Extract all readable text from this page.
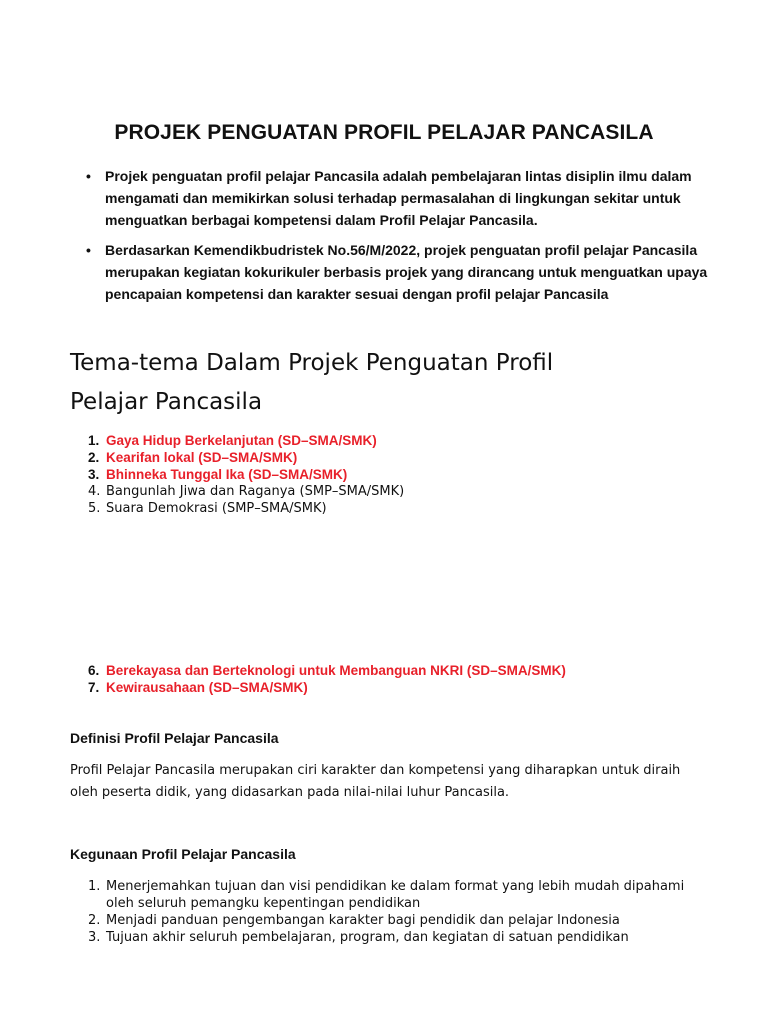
PROJEK PENGUATAN PROFIL PELAJAR PANCASILA
• Projek penguatan profil pelajar Pancasila adalah pembelajaran lintas disiplin ilmu dalam mengamati dan memikirkan solusi terhadap permasalahan di lingkungan sekitar untuk menguatkan berbagai kompetensi dalam Profil Pelajar Pancasila.
• Berdasarkan Kemendikbudristek No.56/M/2022, projek penguatan profil pelajar Pancasila merupakan kegiatan kokurikuler berbasis projek yang dirancang untuk menguatkan upaya pencapaian kompetensi dan karakter sesuai dengan profil pelajar Pancasila
Tema-tema Dalam Projek Penguatan Profil Pelajar Pancasila
1. Gaya Hidup Berkelanjutan (SD–SMA/SMK)
2. Kearifan lokal (SD–SMA/SMK)
3. Bhinneka Tunggal Ika (SD–SMA/SMK)
4. Bangunlah Jiwa dan Raganya (SMP–SMA/SMK)
5. Suara Demokrasi (SMP–SMA/SMK)
6. Berekayasa dan Berteknologi untuk Membanguan NKRI (SD–SMA/SMK)
7. Kewirausahaan (SD–SMA/SMK)
Definisi Profil Pelajar Pancasila
Profil Pelajar Pancasila merupakan ciri karakter dan kompetensi yang diharapkan untuk diraih oleh peserta didik, yang didasarkan pada nilai-nilai luhur Pancasila.
Kegunaan Profil Pelajar Pancasila
1. Menerjemahkan tujuan dan visi pendidikan ke dalam format yang lebih mudah dipahami oleh seluruh pemangku kepentingan pendidikan
2. Menjadi panduan pengembangan karakter bagi pendidik dan pelajar Indonesia
3. Tujuan akhir seluruh pembelajaran, program, dan kegiatan di satuan pendidikan
